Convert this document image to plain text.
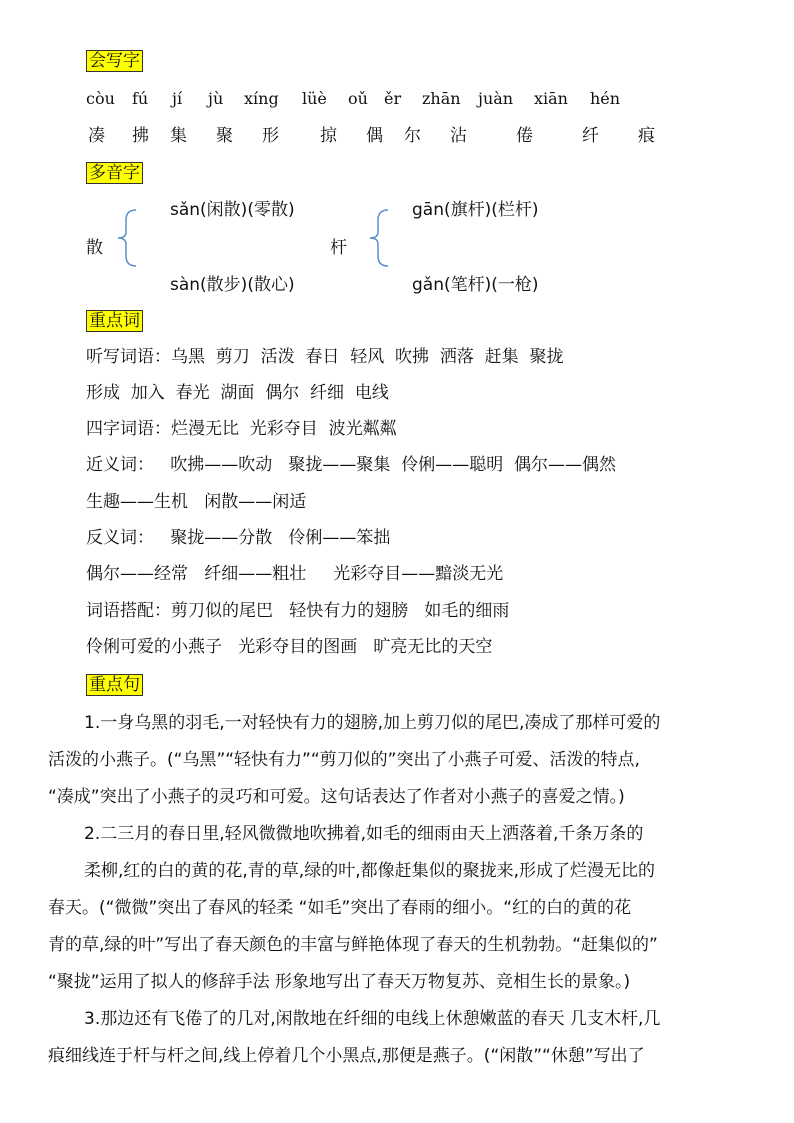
会写字
còu fú jí jù xíng lüè oǔ ěr zhān juàn xiān hén
凑 拂 集 聚 形 掠 偶 尔 沾	倦	纤 痕
多音字
散
sǎn(闲散)(零散)
sàn(散步)(散心)
杆
gān(旗杆)(栏杆)
gǎn(笔杆)(一枪)
重点词
听写词语：乌黑  剪刀  活泼  春日  轻风  吹拂  洒落  赶集  聚拢
形成  加入  春光  湖面  偶尔  纤细  电线
四字词语：烂漫无比  光彩夺目  波光粼粼
近义词：   吹拂——吹动   聚拢——聚集  伶俐——聪明  偶尔——偶然
生趣——生机   闲散——闲适
反义词：   聚拢——分散   伶俐——笨拙
偶尔——经常   纤细——粗壮     光彩夺目——黯淡无光
词语搭配：剪刀似的尾巴   轻快有力的翅膀   如毛的细雨
伶俐可爱的小燕子   光彩夺目的图画   旷亮无比的天空
重点句
1.一身乌黑的羽毛,一对轻快有力的翅膀,加上剪刀似的尾巴,凑成了那样可爱的
活泼的小燕子。(“乌黑”“轻快有力”“剪刀似的”突出了小燕子可爱、活泼的特点,
“凑成”突出了小燕子的灵巧和可爱。这句话表达了作者对小燕子的喜爱之情。)
2.二三月的春日里,轻风微微地吹拂着,如毛的细雨由天上洒落着,千条万条的
柔柳,红的白的黄的花,青的草,绿的叶,都像赶集似的聚拢来,形成了烂漫无比的
春天。(“微微”突出了春风的轻柔 “如毛”突出了春雨的细小。“红的白的黄的花
青的草,绿的叶”写出了春天颜色的丰富与鲜艳体现了春天的生机勃勃。“赶集似的”
“聚拢”运用了拟人的修辞手法 形象地写出了春天万物复苏、竞相生长的景象。)
3.那边还有飞倦了的几对,闲散地在纤细的电线上休憩嫩蓝的春天 几支木杆,几
痕细线连于杆与杆之间,线上停着几个小黑点,那便是燕子。(“闲散”“休憩”写出了
